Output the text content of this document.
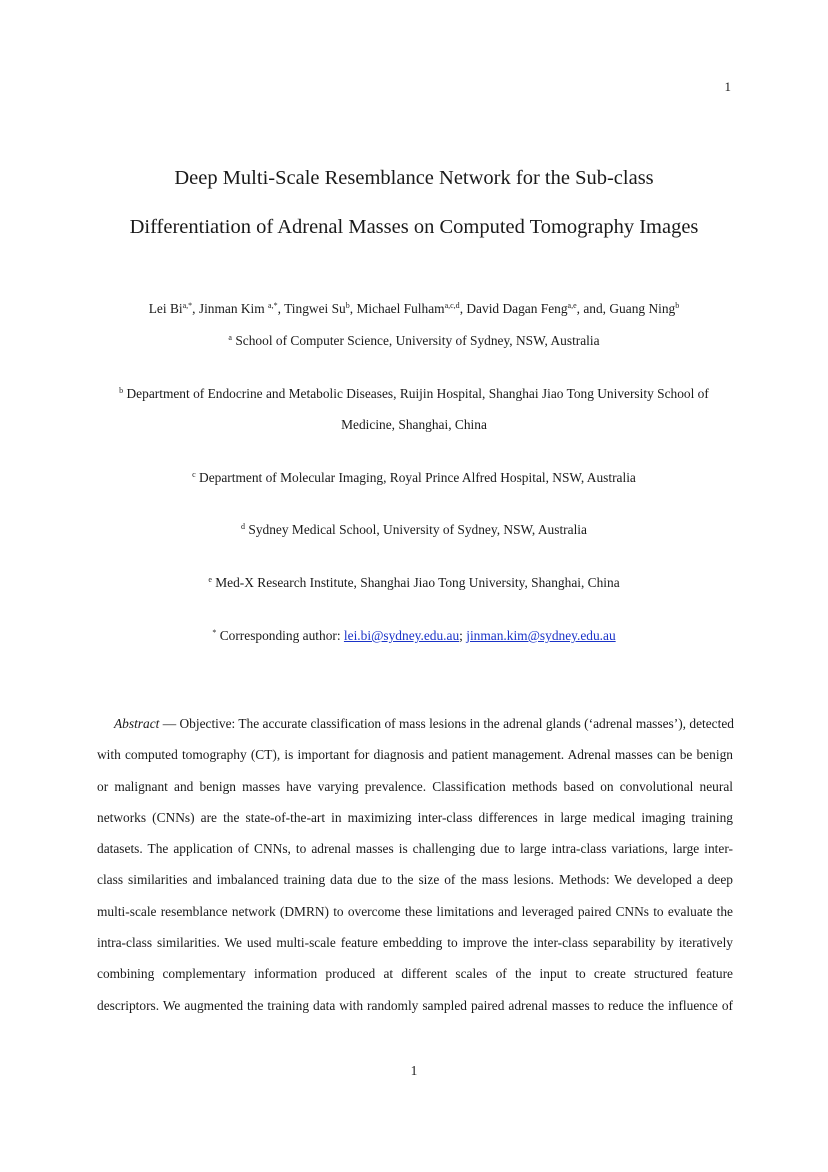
1
Deep Multi-Scale Resemblance Network for the Sub-class
Differentiation of Adrenal Masses on Computed Tomography Images
Lei $Bi^{a,*}$, Jinman Kim $^{a,*}$, Tingwei Su$^b$, Michael Fulham$^{a,c,d}$, David Dagan Feng$^{a,e}$, and, Guang Ning$^b$
$^a$ School of Computer Science, University of Sydney, NSW, Australia
$^b$ Department of Endocrine and Metabolic Diseases, Ruijin Hospital, Shanghai Jiao Tong University School of
Medicine, Shanghai, China
$^c$ Department of Molecular Imaging, Royal Prince Alfred Hospital, NSW, Australia
$^d$ Sydney Medical School, University of Sydney, NSW, Australia
$^e$ Med-X Research Institute, Shanghai Jiao Tong University, Shanghai, China
* Corresponding author: lei.bi@sydney.edu.au; jinman.kim@sydney.edu.au
Abstract — Objective: The accurate classification of mass lesions in the adrenal glands (‘adrenal masses’), detected
with computed tomography (CT), is important for diagnosis and patient management. Adrenal masses can be benign
or malignant and benign masses have varying prevalence. Classification methods based on convolutional neural
networks (CNNs) are the state-of-the-art in maximizing inter-class differences in large medical imaging training
datasets. The application of CNNs, to adrenal masses is challenging due to large intra-class variations, large inter-
class similarities and imbalanced training data due to the size of the mass lesions. Methods: We developed a deep
multi-scale resemblance network (DMRN) to overcome these limitations and leveraged paired CNNs to evaluate the
intra-class similarities. We used multi-scale feature embedding to improve the inter-class separability by iteratively
combining complementary information produced at different scales of the input to create structured feature
descriptors. We augmented the training data with randomly sampled paired adrenal masses to reduce the influence of
1
